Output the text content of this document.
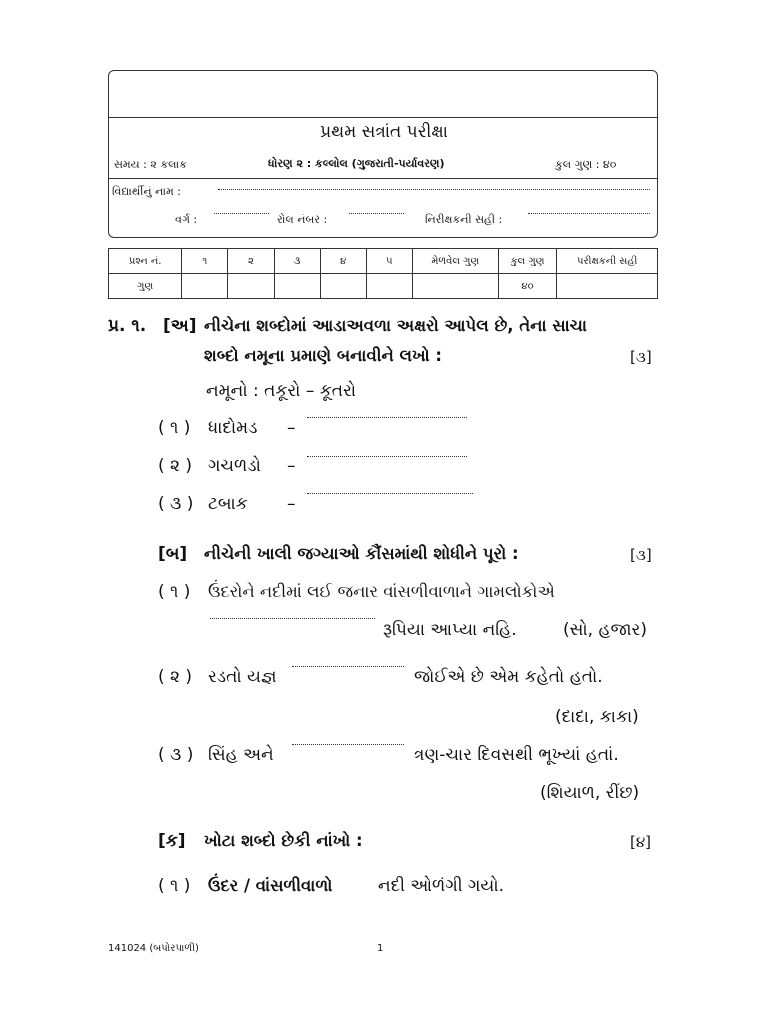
પ્રથમ સત્રાંત પરીક્ષા
સમય : ૨ કલાક	ધોરણ ૨ : કલ્લોલ (ગુજરાતી-પર્યાવરણ)	કુલ ગુણ : ૪૦
વિદ્યાર્થીનું નામ :
વર્ગ :	રોલ નંબર :	નિરીક્ષકની સહી :
પ્રશ્ન નં.	૧	૨	૩	૪	૫	મેળવેલ ગુણ	કુલ ગુણ	પરીક્ષકની સહી
ગુણ							૪૦	
પ્ર. ૧. [અ] નીચેના શબ્દોમાં આડાઅવળા અક્ષરો આપેલ છે, તેના સાચા
શબ્દો નમૂના પ્રમાણે બનાવીને લખો :	[૩]
નમૂનો : તકૂરો – કૂતરો
( ૧ ) ધાદોમડ –
( ૨ ) ગચળડો –
( ૩ ) ટબાક –
[બ] નીચેની ખાલી જગ્યાઓ કૌંસમાંથી શોધીને પૂરો :	[૩]
( ૧ ) ઉંદરોને નદીમાં લઈ જનાર વાંસળીવાળાને ગામલોકોએ
રૂપિયા આપ્યા નહિ.	(સો, હજાર)
( ૨ ) રડતો યજ્ઞ	જોઈએ છે એમ કહેતો હતો.
(દાદા, કાકા)
( ૩ ) સિંહ અને	ત્રણ-ચાર દિવસથી ભૂખ્યાં હતાં.
(શિયાળ, રીંછ)
[ક] ખોટા શબ્દો છેકી નાંખો :	[૪]
( ૧ ) ઉંદર / વાંસળીવાળો	નદી ઓળંગી ગયો.
141024 (બપોરપાળી)	1
